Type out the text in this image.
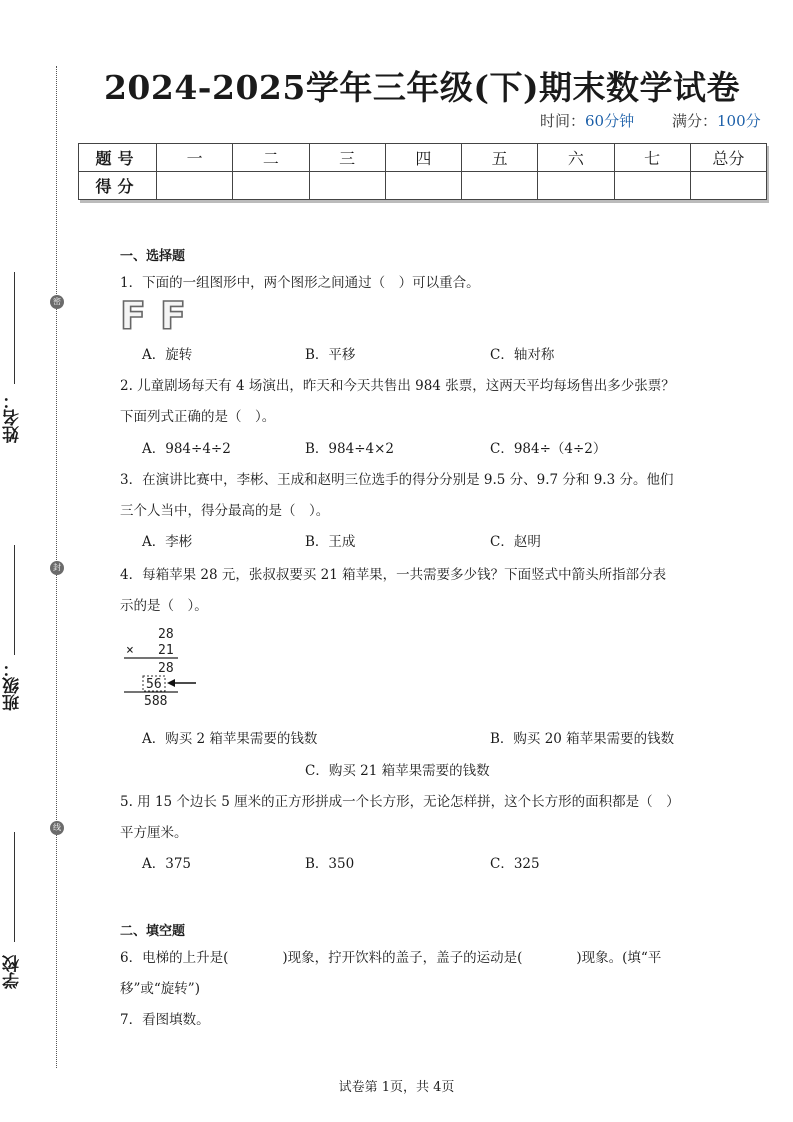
密
封
线
姓名：
班级：
学校
2024-2025学年三年级(下)期末数学试卷
时间：60分钟	满分：100分
题号	一	二	三	四	五	六	七	总分
得分								
一、选择题
1．下面的一组图形中，两个图形之间通过（　）可以重合。
F F
A．旋转	B．平移	C．轴对称
2. 儿童剧场每天有 4 场演出，昨天和今天共售出 984 张票，这两天平均每场售出多少张票？
下面列式正确的是（　）。
A．984÷4÷2	B．984÷4×2	C．984÷（4÷2）
3．在演讲比赛中，李彬、王成和赵明三位选手的得分分别是 9.5 分、9.7 分和 9.3 分。他们
三个人当中，得分最高的是（　）。
A．李彬	B．王成	C．赵明
4．每箱苹果 28 元，张叔叔要买 21 箱苹果，一共需要多少钱？下面竖式中箭头所指部分表
示的是（　）。
28
× 21
28
56
588
A．购买 2 箱苹果需要的钱数	B．购买 20 箱苹果需要的钱数
C．购买 21 箱苹果需要的钱数
5. 用 15 个边长 5 厘米的正方形拼成一个长方形，无论怎样拼，这个长方形的面积都是（　）
平方厘米。
A．375	B．350	C．325
二、填空题
6．电梯的上升是(　　　　)现象，拧开饮料的盖子，盖子的运动是(　　　　)现象。(填“平
移”或“旋转”)
7．看图填数。
试卷第 1页，共 4页
